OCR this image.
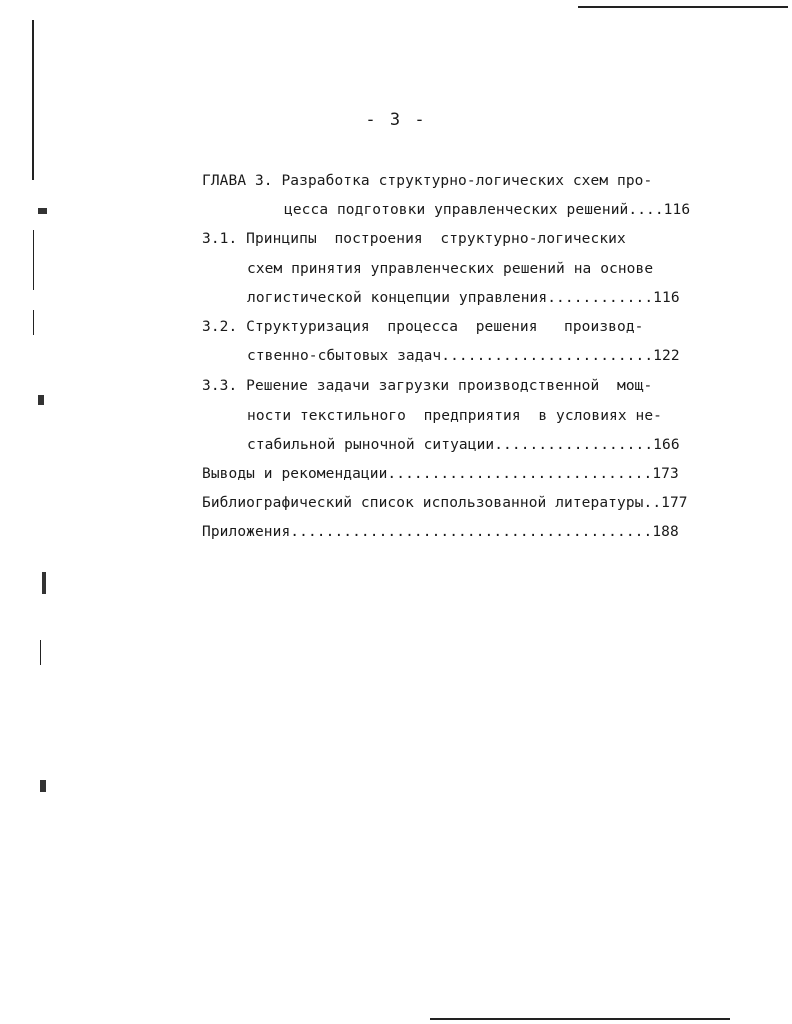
- 3 -
ГЛАВА 3. Разработка структурно-логических схем про-
цесса подготовки управленческих решений....116
3.1. Принципы  построения  структурно-логических
схем принятия управленческих решений на основе
логистической концепции управления............116
3.2. Структуризация  процесса  решения   производ-
ственно-сбытовых задач........................122
3.3. Решение задачи загрузки производственной  мощ-
ности текстильного  предприятия  в условиях не-
стабильной рыночной ситуации..................166
Выводы и рекомендации..............................173
Библиографический список использованной литературы..177
Приложения.........................................188
